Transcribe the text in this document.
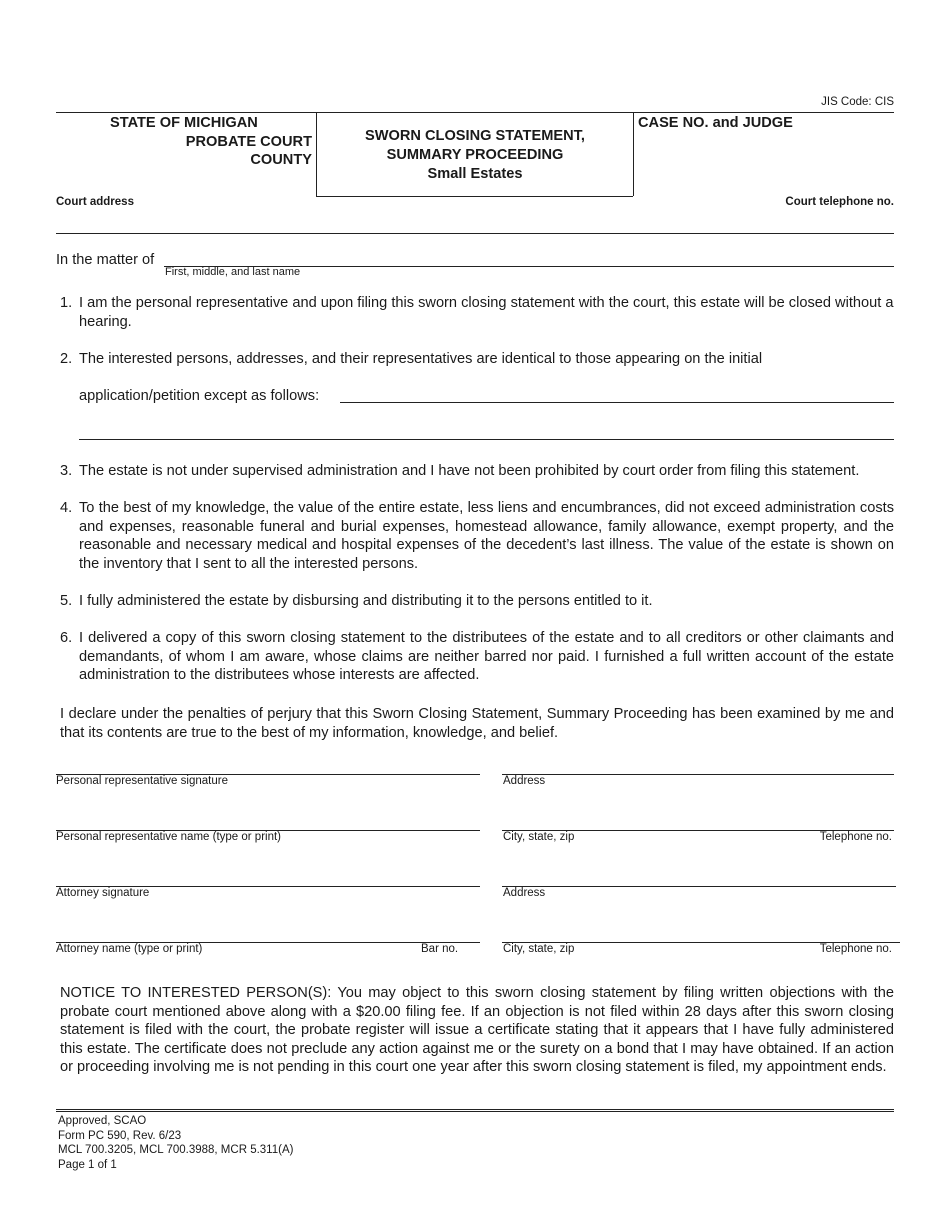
JIS Code: CIS
STATE OF MICHIGAN
PROBATE COURT
COUNTY
SWORN CLOSING STATEMENT,
SUMMARY PROCEEDING
Small Estates
CASE NO. and JUDGE
Court address	Court telephone no.
In the matter of
First, middle, and last name
1. I am the personal representative and upon filing this sworn closing statement with the court, this estate will be closed without a hearing.
2. The interested persons, addresses, and their representatives are identical to those appearing on the initial
application/petition except as follows:
3. The estate is not under supervised administration and I have not been prohibited by court order from filing this statement.
4. To the best of my knowledge, the value of the entire estate, less liens and encumbrances, did not exceed administration costs and expenses, reasonable funeral and burial expenses, homestead allowance, family allowance, exempt property, and the reasonable and necessary medical and hospital expenses of the decedent’s last illness. The value of the estate is shown on the inventory that I sent to all the interested persons.
5. I fully administered the estate by disbursing and distributing it to the persons entitled to it.
6. I delivered a copy of this sworn closing statement to the distributees of the estate and to all creditors or other claimants and demandants, of whom I am aware, whose claims are neither barred nor paid. I furnished a full written account of the estate administration to the distributees whose interests are affected.
I declare under the penalties of perjury that this Sworn Closing Statement, Summary Proceeding has been examined by me and that its contents are true to the best of my information, knowledge, and belief.
Personal representative signature	Address
Personal representative name (type or print)	City, state, zip	Telephone no.
Attorney signature	Address
Attorney name (type or print)	Bar no.	City, state, zip	Telephone no.
NOTICE TO INTERESTED PERSON(S): You may object to this sworn closing statement by filing written objections with the probate court mentioned above along with a $20.00 filing fee. If an objection is not filed within 28 days after this sworn closing statement is filed with the court, the probate register will issue a certificate stating that it appears that I have fully administered this estate. The certificate does not preclude any action against me or the surety on a bond that I may have obtained. If an action or proceeding involving me is not pending in this court one year after this sworn closing statement is filed, my appointment ends.
Approved, SCAO
Form PC 590, Rev. 6/23
MCL 700.3205, MCL 700.3988, MCR 5.311(A)
Page 1 of 1
